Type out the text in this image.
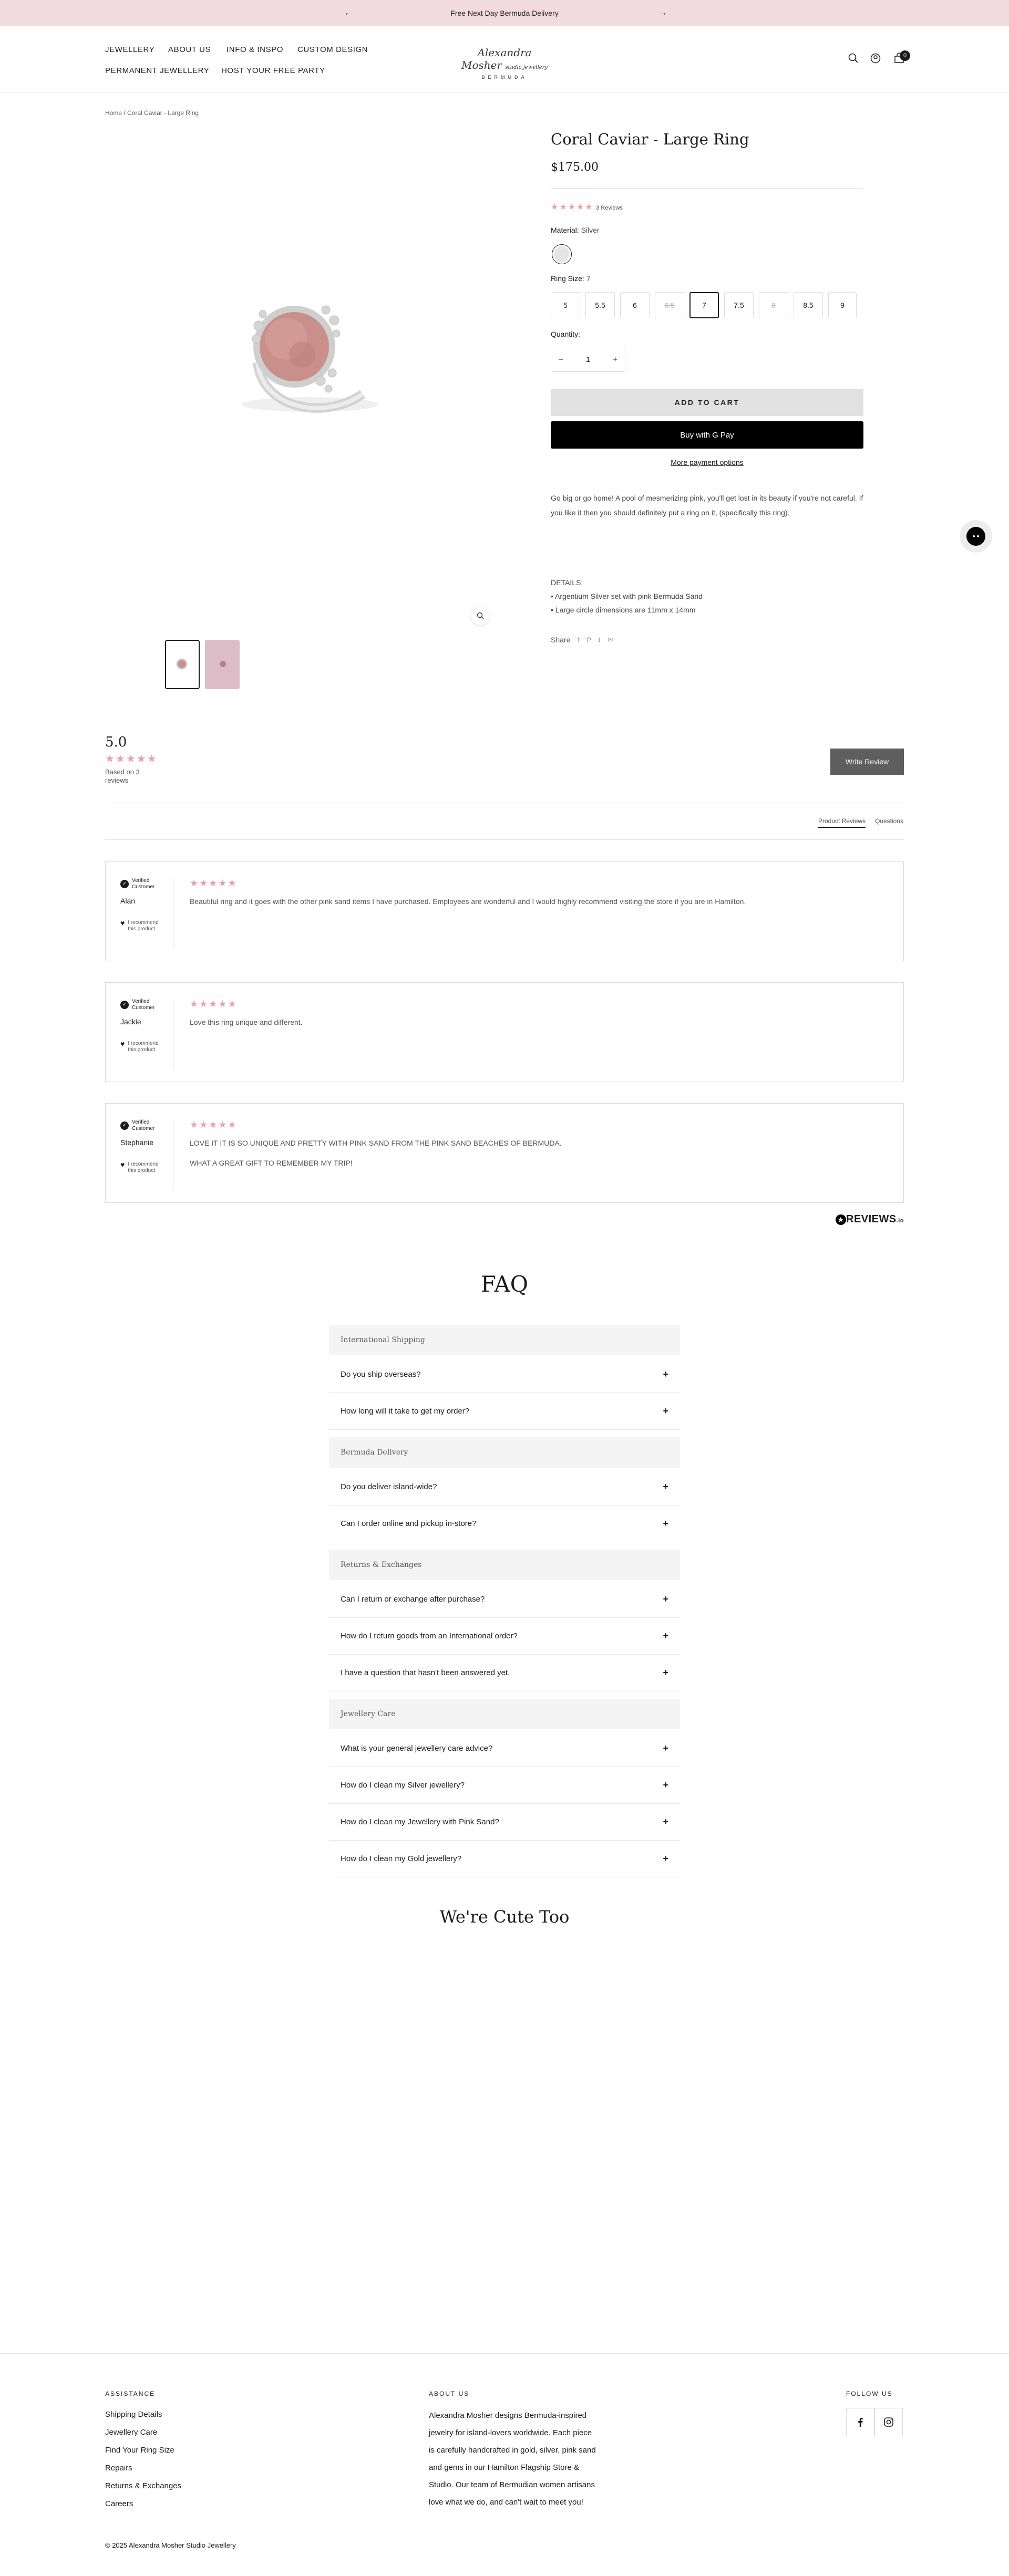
←	Free Next Day Bermuda Delivery	→
JEWELLERY ABOUT US INFO & INSPO CUSTOM DESIGN
PERMANENT JEWELLERY HOST YOUR FREE PARTY
Alexandra Mosher studio jewellery
BERMUDA
0
Home / Coral Caviar - Large Ring
Coral Caviar - Large Ring
$175.00
★★★★★ 3 Reviews
Material: Silver
Ring Size: 7
5	5.5	6	6.5	7	7.5	8	8.5	9
Quantity:
−	1	+
ADD TO CART
Buy with
G Pay
More payment options

Go big or go home! A pool of mesmerizing pink, you'll get lost in its beauty if you're not careful. If you like it then you should definitely put a ring on it, (specifically this ring).

DETAILS:
• Argentium Silver set with pink Bermuda Sand
• Large circle dimensions are 11mm x 14mm
Share f P t ✉
5.0
★★★★★
Based on 3 reviews
Write Review
Product Reviews Questions
✓
Verified Customer
Alan
♥ I recommend this product
★★★★★
Beautiful ring and it goes with the other pink sand items I have purchased. Employees are wonderful and I would highly recommend visiting the store if you are in Hamilton.
✓
Verified Customer
Jackie
♥ I recommend this product
★★★★★
Love this ring unique and different.
✓
Verified Customer
Stephanie
♥ I recommend this product
★★★★★
LOVE IT IT IS SO UNIQUE AND PRETTY WITH PINK SAND FROM THE PINK SAND BEACHES OF BERMUDA.
WHAT A GREAT GIFT TO REMEMBER MY TRIP!
★ REVIEWS.io
FAQ
International Shipping
Do you ship overseas?	+
How long will it take to get my order?	+
Bermuda Delivery
Do you deliver island-wide?	+
Can I order online and pickup in-store?	+
Returns & Exchanges
Can I return or exchange after purchase?	+
How do I return goods from an International order?	+
I have a question that hasn't been answered yet.	+
Jewellery Care
What is your general jewellery care advice?	+
How do I clean my Silver jewellery?	+
How do I clean my Jewellery with Pink Sand?	+
How do I clean my Gold jewellery?	+
We're Cute Too
ASSISTANCE
Shipping Details
Jewellery Care
Find Your Ring Size
Repairs
Returns & Exchanges
Careers
ABOUT US

Alexandra Mosher designs Bermuda-inspired jewelry for island-lovers worldwide. Each piece is carefully handcrafted in gold, silver, pink sand and gems in our Hamilton Flagship Store & Studio. Our team of Bermudian women artisans love what we do, and can't wait to meet you!

FOLLOW US
© 2025 Alexandra Mosher Studio Jewellery
